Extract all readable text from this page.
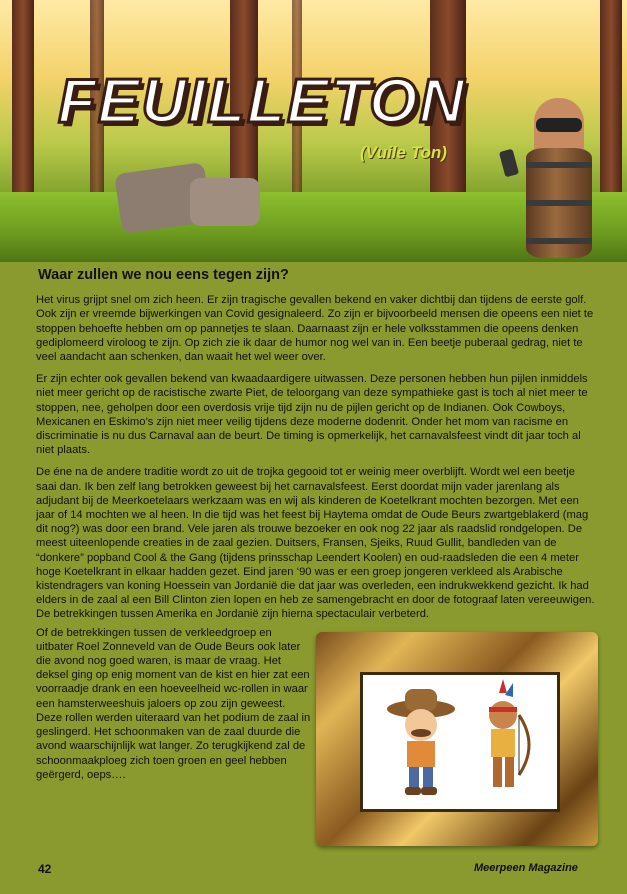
FEUILLETON
(Vuile Ton)
Waar zullen we nou eens tegen zijn?

Het virus grijpt snel om zich heen. Er zijn tragische gevallen bekend en vaker dichtbij dan tijdens de eerste golf. Ook zijn er vreemde bijwerkingen van Covid gesignaleerd. Zo zijn er bijvoorbeeld mensen die opeens een niet te stoppen behoefte hebben om op pannetjes te slaan. Daarnaast zijn er hele volksstammen die opeens denken gediplomeerd viroloog te zijn. Op zich zie ik daar de humor nog wel van in. Een beetje puberaal gedrag, niet te veel aandacht aan schenken, dan waait het wel weer over.

Er zijn echter ook gevallen bekend van kwaadaardigere uitwassen. Deze personen hebben hun pijlen inmiddels niet meer gericht op de racistische zwarte Piet, de teloorgang van deze sympathieke gast is toch al niet meer te stoppen, nee, geholpen door een overdosis vrije tijd zijn nu de pijlen gericht op de Indianen. Ook Cowboys, Mexicanen en Eskimo’s zijn niet meer veilig tijdens deze moderne dodenrit. Onder het mom van racisme en discriminatie is nu dus Carnaval aan de beurt. De timing is opmerkelijk, het carnavalsfeest vindt dit jaar toch al niet plaats.

De éne na de andere traditie wordt zo uit de trojka gegooid tot er weinig meer overblijft. Wordt wel een beetje saai dan. Ik ben zelf lang betrokken geweest bij het carnavalsfeest. Eerst doordat mijn vader jarenlang als adjudant bij de Meerkoetelaars werkzaam was en wij als kinderen de Koetelkrant mochten bezorgen. Met een jaar of 14 mochten we al heen. In die tijd was het feest bij Haytema omdat de Oude Beurs zwartgeblakerd (mag dit nog?) was door een brand. Vele jaren als trouwe bezoeker en ook nog 22 jaar als raadslid rondgelopen. De meest uiteenlopende creaties in de zaal gezien. Duitsers, Fransen, Sjeiks, Ruud Gullit, bandleden van de “donkere” popband Cool & the Gang (tijdens prinsschap Leendert Koolen) en oud-raadsleden die een 4 meter hoge Koetelkrant in elkaar hadden gezet. Eind jaren ‘90 was er een groep jongeren verkleed als Arabische kistendragers van koning Hoessein van Jordanië die dat jaar was overleden, een indrukwekkend gezicht. Ik had elders in de zaal al een Bill Clinton zien lopen en heb ze samengebracht en door de fotograaf laten vereeuwigen. De betrekkingen tussen Amerika en Jordanië zijn hierna spectaculair verbeterd.

Of de betrekkingen tussen de verkleedgroep en uitbater Roel Zonneveld van de Oude Beurs ook later die avond nog goed waren, is maar de vraag. Het deksel ging op enig moment van de kist en hier zat een voorraadje drank en een hoeveelheid wc-rollen in waar een hamsterweeshuis jaloers op zou zijn geweest. Deze rollen werden uiteraard van het podium de zaal in geslingerd. Het schoonmaken van de zaal duurde die avond waarschijnlijk wat langer. Zo terugkijkend zal de schoonmaakploeg zich toen groen en geel hebben geërgerd, oeps….

42	Meerpeen Magazine
